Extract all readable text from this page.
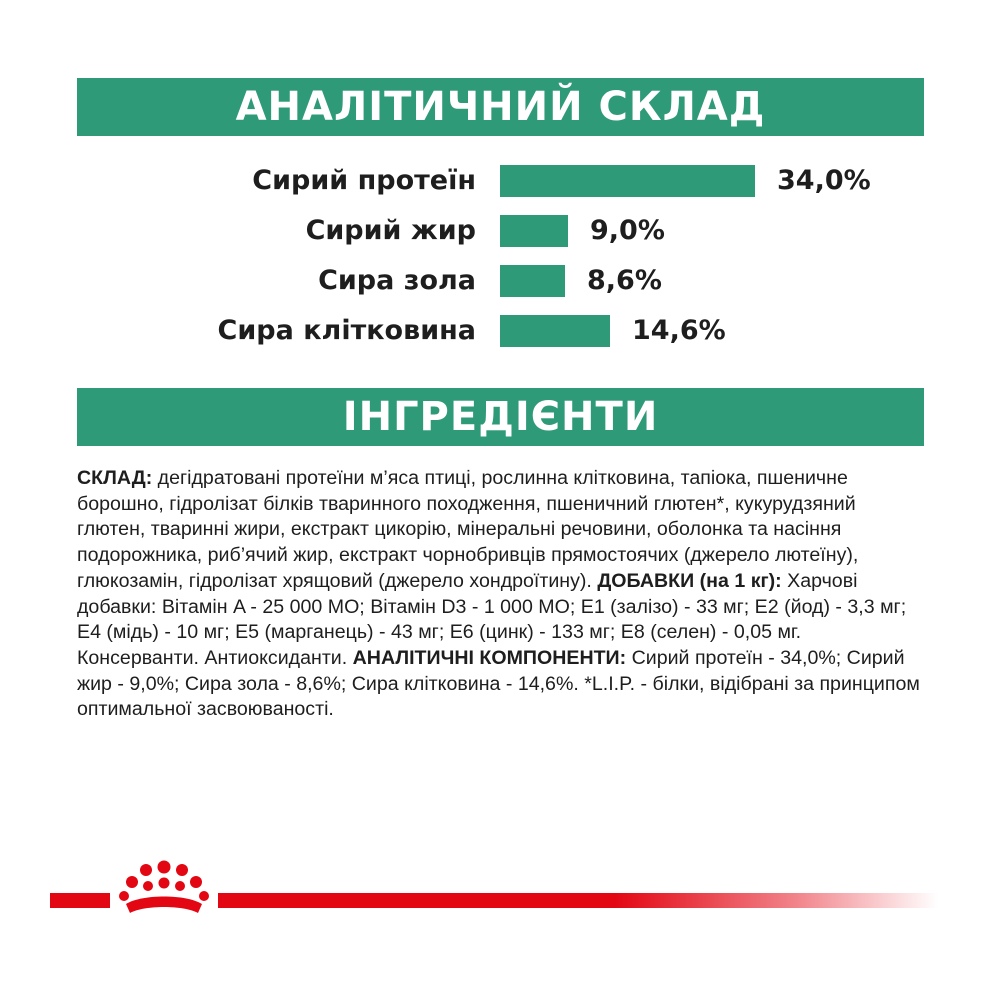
АНАЛІТИЧНИЙ СКЛАД
Сирий протеїн	34,0%
Сирий жир	9,0%
Сира зола	8,6%
Сира клітковина	14,6%
ІНГРЕДІЄНТИ
СКЛАД: дегідратовані протеїни м’яса птиці, рослинна клітковина, тапіока, пшеничне борошно, гідролізат білків тваринного походження, пшеничний глютен*, кукурудзяний глютен, тваринні жири, екстракт цикорію, мінеральні речовини, оболонка та насіння подорожника, риб’ячий жир, екстракт чорнобривців прямостоячих (джерело лютеїну), глюкозамін, гідролізат хрящовий (джерело хондроїтину). ДОБАВКИ (на 1 кг): Харчові добавки: Вітамін A - 25 000 МО; Вітамін D3 - 1 000 МО; E1 (залізо) - 33 мг; E2 (йод) - 3,3 мг; E4 (мідь) - 10 мг; E5 (марганець) - 43 мг; E6 (цинк) - 133 мг; E8 (селен) - 0,05 мг. Консерванти. Антиоксиданти. АНАЛІТИЧНІ КОМПОНЕНТИ: Сирий протеїн - 34,0%; Сирий жир - 9,0%; Сира зола - 8,6%; Сира клітковина - 14,6%. *L.I.P. - білки, відібрані за принципом оптимальної засвоюваності.
